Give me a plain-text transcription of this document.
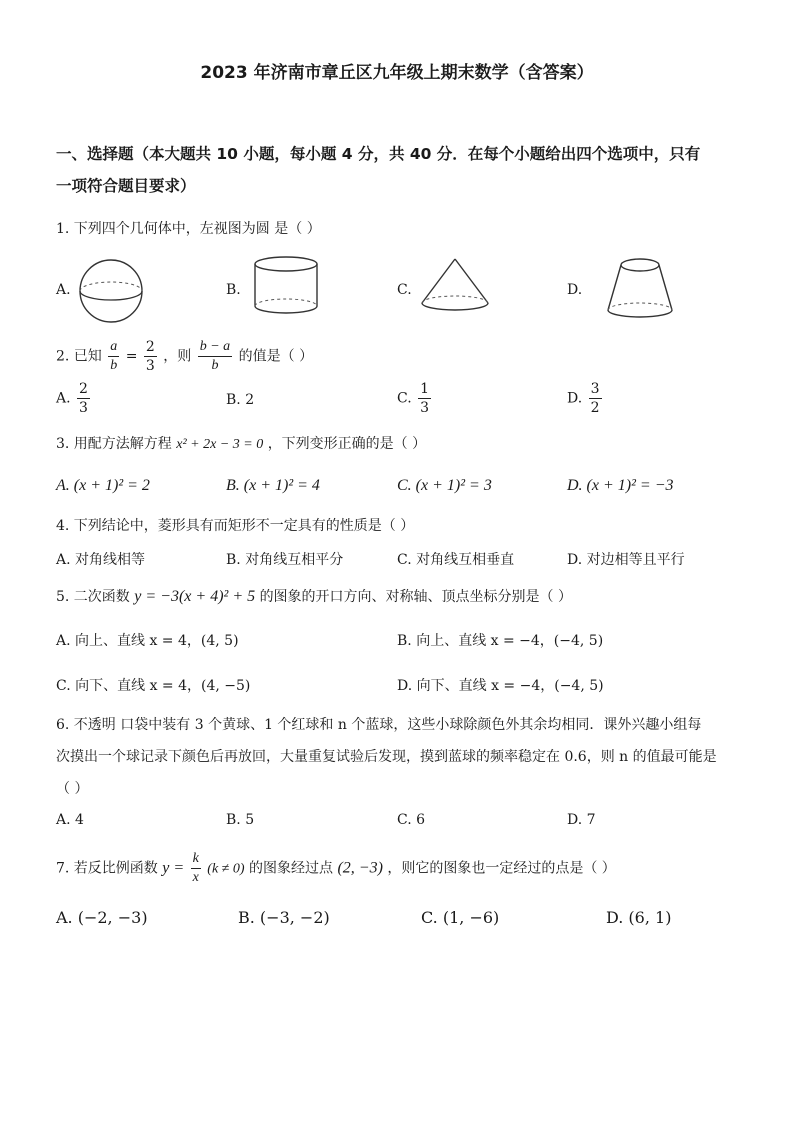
2023 年济南市章丘区九年级上期末数学（含答案）
一、选择题（本大题共 10 小题，每小题 4 分，共 40 分．在每个小题给出四个选项中，只有
一项符合题目要求）
1. 下列四个几何体中，左视图为圆 是（ ）
A.	B.	C.	D.
2. 已知 $\frac{a}{b} = \frac{2}{3}$ ，则 $\frac{b - a}{b}$ 的值是（ ）
A. $\frac{2}{3}$	B. 2	C. $\frac{1}{3}$	D. $\frac{3}{2}$
3. 用配方法解方程 x² + 2x − 3 = 0 ，下列变形正确的是（ ）
A. (x + 1)² = 2	B. (x + 1)² = 4	C. (x + 1)² = 3	D. (x + 1)² = −3
4. 下列结论中，菱形具有而矩形不一定具有的性质是（ ）
A. 对角线相等	B. 对角线互相平分	C. 对角线互相垂直	D. 对边相等且平行
5. 二次函数 y = −3(x + 4)² + 5 的图象的开口方向、对称轴、顶点坐标分别是（ ）
A. 向上、直线 x = 4，(4, 5)	B. 向上、直线 x = −4，(−4, 5)
C. 向下、直线 x = 4，(4, −5)	D. 向下、直线 x = −4，(−4, 5)
6. 不透明 口袋中装有 3 个黄球、1 个红球和 n 个蓝球，这些小球除颜色外其余均相同．课外兴趣小组每
次摸出一个球记录下颜色后再放回，大量重复试验后发现，摸到蓝球的频率稳定在 0.6，则 n 的值最可能是
（ ）
A. 4	B. 5	C. 6	D. 7
7. 若反比例函数 $y = \frac{k}{x} (k \ne 0)$ 的图象经过点 (2, −3) ，则它的图象也一定经过的点是（ ）
A. (−2, −3)	B. (−3, −2)	C. (1, −6)	D. (6, 1)
